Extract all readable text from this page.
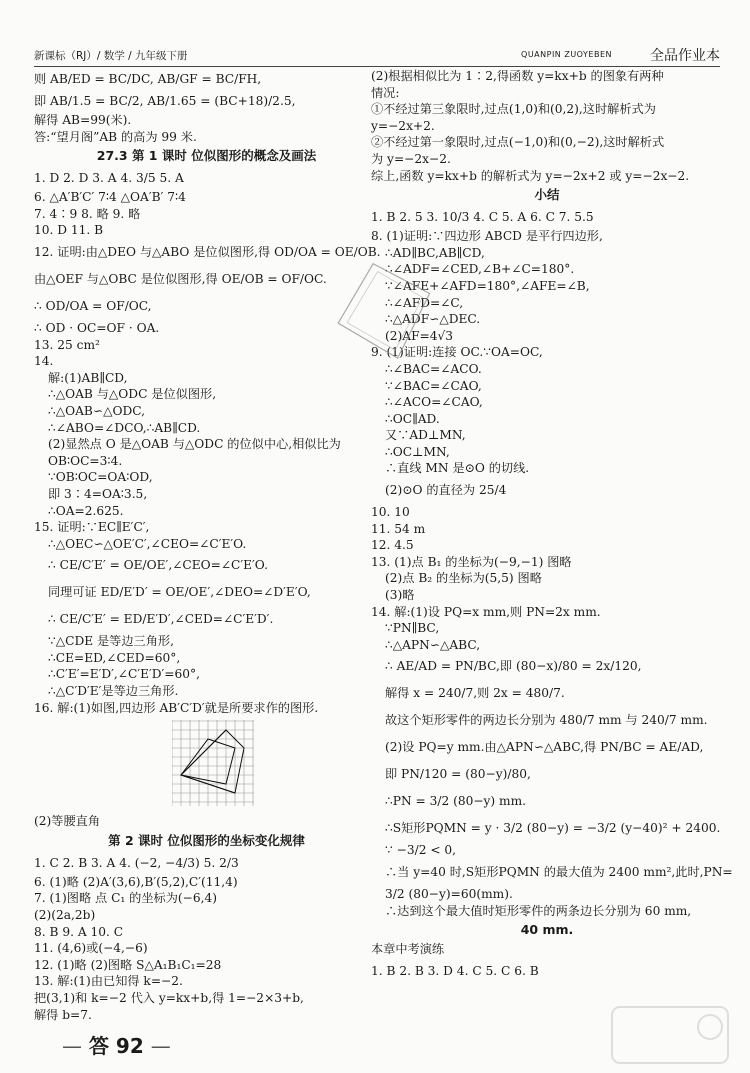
新课标（RJ）/ 数学 / 九年级下册	QUANPIN ZUOYEBEN	全品作业本
则 AB/ED = BC/DC, AB/GF = BC/FH,
即 AB/1.5 = BC/2, AB/1.65 = (BC+18)/2.5,
解得 AB=99(米).
答:“望月阁”AB 的高为 99 米.
27.3 第 1 课时 位似图形的概念及画法
1. D 2. D 3. A 4. 3/5 5. A
6. △A′B′C′ 7∶4 △OA′B′ 7∶4
7. 4∶9 8. 略 9. 略
10. D 11. B
12. 证明:由△DEO 与△ABO 是位似图形,得 OD/OA = OE/OB.
由△OEF 与△OBC 是位似图形,得 OE/OB = OF/OC.
∴ OD/OA = OF/OC,
∴ OD · OC=OF · OA.
13. 25 cm²
14.
解:(1)AB∥CD,
∴△OAB 与△ODC 是位似图形,
∴△OAB∽△ODC,
∴∠ABO=∠DCO,∴AB∥CD.
(2)显然点 O 是△OAB 与△ODC 的位似中心,相似比为
OB∶OC=3∶4.
∵OB∶OC=OA∶OD,
即 3∶4=OA∶3.5,
∴OA=2.625.
15. 证明:∵EC∥E′C′,
∴△OEC∽△OE′C′,∠CEO=∠C′E′O.
∴ CE/C′E′ = OE/OE′,∠CEO=∠C′E′O.
同理可证 ED/E′D′ = OE/OE′,∠DEO=∠D′E′O,
∴ CE/C′E′ = ED/E′D′,∠CED=∠C′E′D′.
∵△CDE 是等边三角形,
∴CE=ED,∠CED=60°,
∴C′E′=E′D′,∠C′E′D′=60°,
∴△C′D′E′是等边三角形.
16. 解:(1)如图,四边形 AB′C′D′就是所要求作的图形.
(2)等腰直角
第 2 课时 位似图形的坐标变化规律
1. C 2. B 3. A 4. (−2, −4/3) 5. 2/3
6. (1)略 (2)A′(3,6),B′(5,2),C′(11,4)
7. (1)图略 点 C₁ 的坐标为(−6,4)
(2)(2a,2b)
8. B 9. A 10. C
11. (4,6)或(−4,−6)
12. (1)略 (2)图略 S△A₁B₁C₁=28
13. 解:(1)由已知得 k=−2.
把(3,1)和 k=−2 代入 y=kx+b,得 1=−2×3+b,
解得 b=7.
(2)根据相似比为 1∶2,得函数 y=kx+b 的图象有两种
情况:
①不经过第三象限时,过点(1,0)和(0,2),这时解析式为
y=−2x+2.
②不经过第一象限时,过点(−1,0)和(0,−2),这时解析式
为 y=−2x−2.
综上,函数 y=kx+b 的解析式为 y=−2x+2 或 y=−2x−2.
小结
1. B 2. 5 3. 10/3 4. C 5. A 6. C 7. 5.5
8. (1)证明:∵四边形 ABCD 是平行四边形,
∴AD∥BC,AB∥CD,
∴∠ADF=∠CED,∠B+∠C=180°.
∵∠AFE+∠AFD=180°,∠AFE=∠B,
∴∠AFD=∠C,
∴△ADF∽△DEC.
(2)AF=4√3
9. (1)证明:连接 OC.∵OA=OC,
∴∠BAC=∠ACO.
∵∠BAC=∠CAO,
∴∠ACO=∠CAO,
∴OC∥AD.
又∵AD⊥MN,
∴OC⊥MN,
∴直线 MN 是⊙O 的切线.
(2)⊙O 的直径为 25/4
10. 10
11. 54 m
12. 4.5
13. (1)点 B₁ 的坐标为(−9,−1) 图略
(2)点 B₂ 的坐标为(5,5) 图略
(3)略
14. 解:(1)设 PQ=x mm,则 PN=2x mm.
∵PN∥BC,
∴△APN∽△ABC,
∴ AE/AD = PN/BC,即 (80−x)/80 = 2x/120,
解得 x = 240/7,则 2x = 480/7.
故这个矩形零件的两边长分别为 480/7 mm 与 240/7 mm.
(2)设 PQ=y mm.由△APN∽△ABC,得 PN/BC = AE/AD,
即 PN/120 = (80−y)/80,
∴PN = 3/2 (80−y) mm.
∴S矩形PQMN = y · 3/2 (80−y) = −3/2 (y−40)² + 2400.
∵ −3/2 < 0,
∴当 y=40 时,S矩形PQMN 的最大值为 2400 mm²,此时,PN=
3/2 (80−y)=60(mm).
∴达到这个最大值时矩形零件的两条边长分别为 60 mm,
40 mm.
本章中考演练
1. B 2. B 3. D 4. C 5. C 6. B
— 答 92 —
